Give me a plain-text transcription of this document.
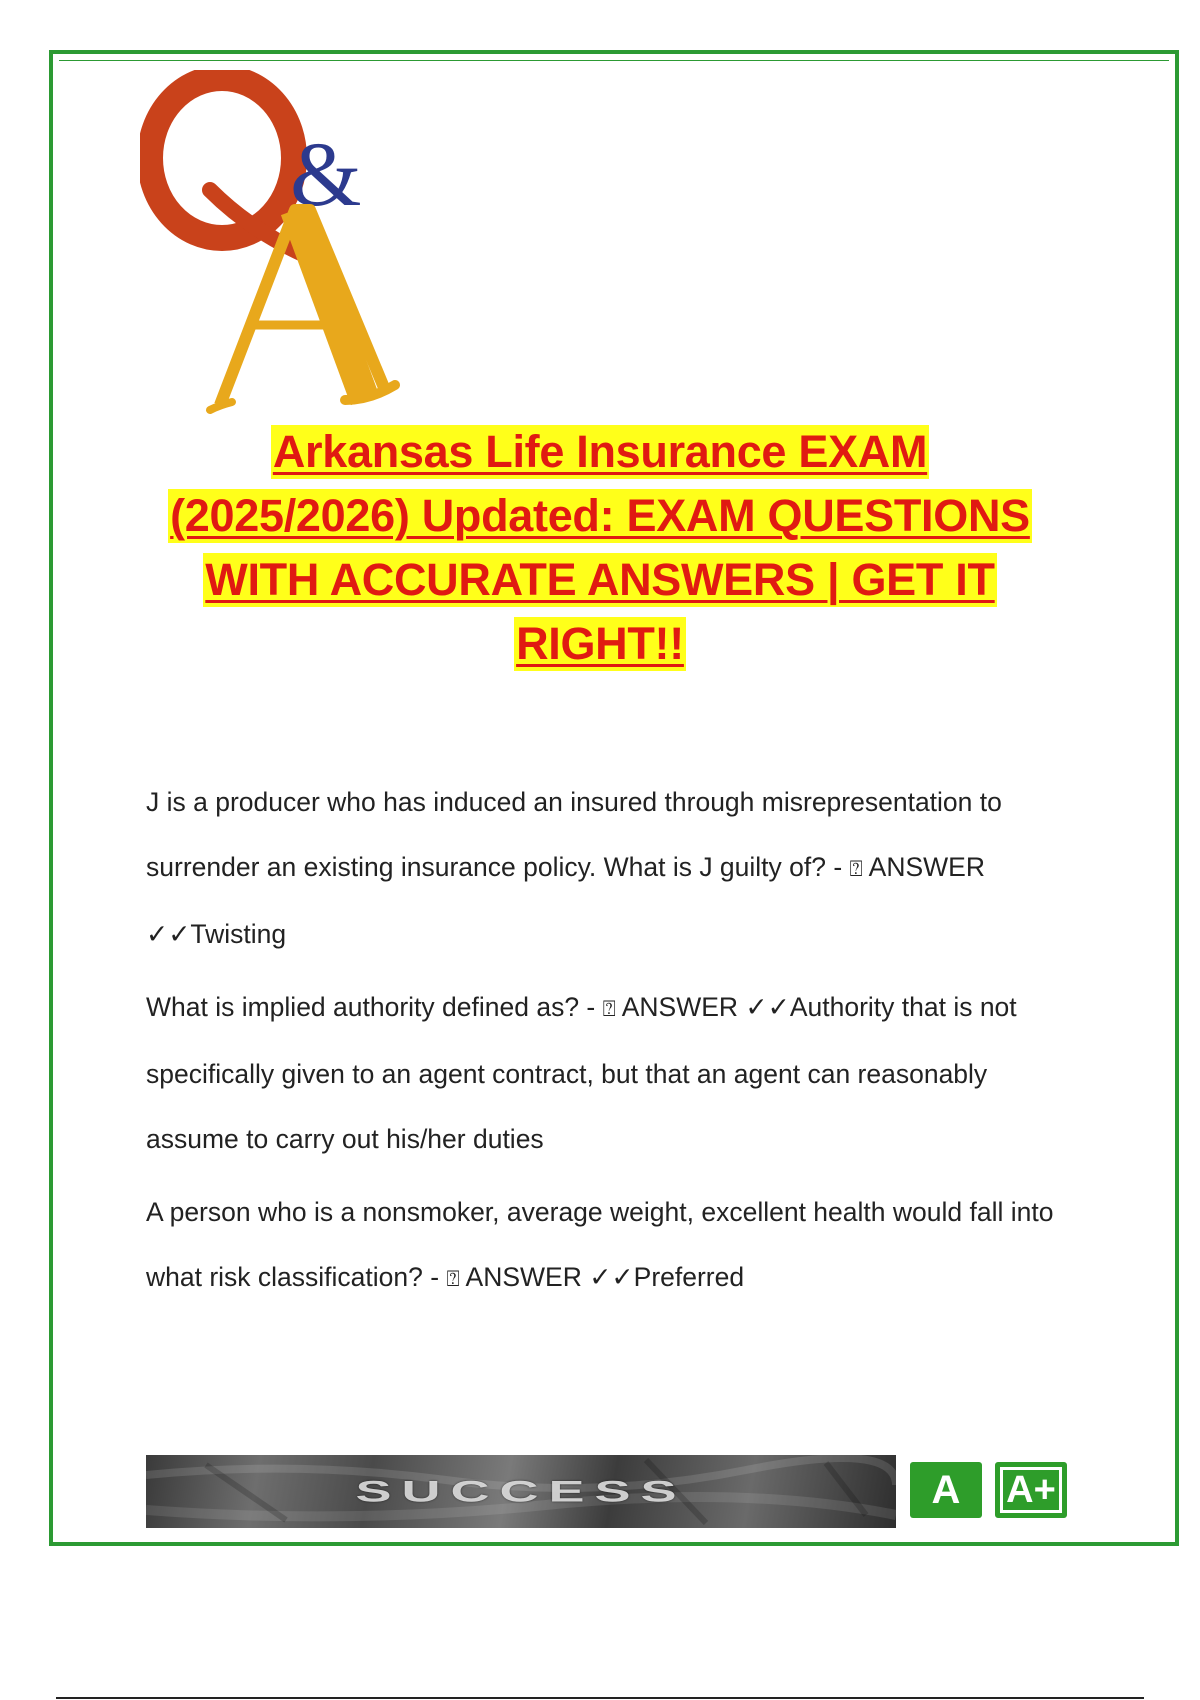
&
Arkansas Life Insurance EXAM
(2025/2026) Updated: EXAM QUESTIONS
WITH ACCURATE ANSWERS | GET IT
RIGHT!!
J is a producer who has induced an insured through misrepresentation to surrender an existing insurance policy. What is J guilty of? - ⍰ ANSWER
✓✓Twisting
What is implied authority defined as? - ⍰ ANSWER ✓✓Authority that is not specifically given to an agent contract, but that an agent can reasonably assume to carry out his/her duties
A person who is a nonsmoker, average weight, excellent health would fall into what risk classification? - ⍰ ANSWER ✓✓Preferred
SUCCESS	A	A+
